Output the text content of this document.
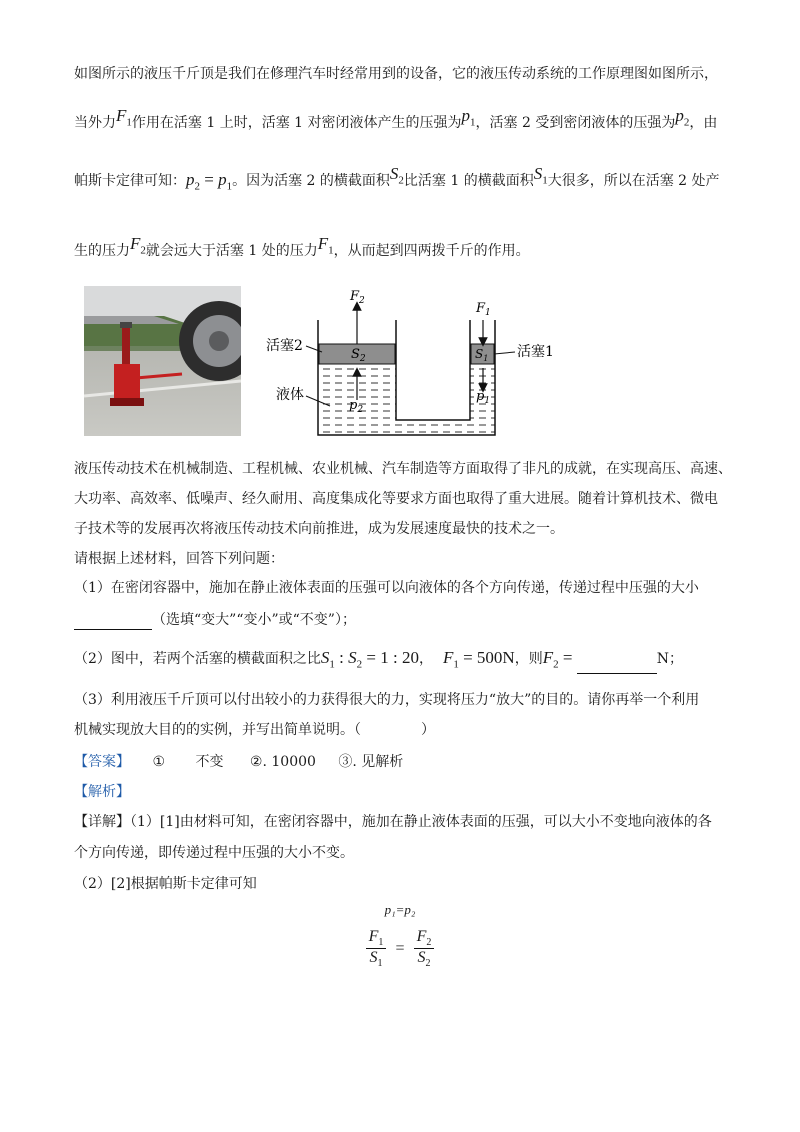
如图所示的液压千斤顶是我们在修理汽车时经常用到的设备，它的液压传动系统的工作原理图如图所示，
当外力$F_1$作用在活塞 1 上时，活塞 1 对密闭液体产生的压强为$p_1$，活塞 2 受到密闭液体的压强为$p_2$，由
帕斯卡定律可知：$p_2 = p_1$。因为活塞 2 的横截面积$S_2$比活塞 1 的横截面积$S_1$大很多，所以在活塞 2 处产
生的压力$F_2$就会远大于活塞 1 处的压力$F_1$，从而起到四两拨千斤的作用。
$F_2$
$S_2$
$p_2$
$F_1$
$S_1$
$p_1$
活塞2	活塞1
液体
液压传动技术在机械制造、工程机械、农业机械、汽车制造等方面取得了非凡的成就，在实现高压、高速、
大功率、高效率、低噪声、经久耐用、高度集成化等要求方面也取得了重大进展。随着计算机技术、微电
子技术等的发展再次将液压传动技术向前推进，成为发展速度最快的技术之一。
请根据上述材料，回答下列问题：
（1）在密闭容器中，施加在静止液体表面的压强可以向液体的各个方向传递，传递过程中压强的大小
（选填“变大”“变小”或“不变”）；
（2）图中，若两个活塞的横截面积之比$S_1$ : $S_2 = 1$ : 20， $F_1 = 500N$，则$F_2$ =	N；
（3）利用液压千斤顶可以付出较小的力获得很大的力，实现将压力“放大”的目的。请你再举一个利用
机械实现放大目的的实例，并写出简单说明。（	）
【答案】 ① 不变 ②. 10000 ③. 见解析
【解析】
【详解】（1）[1]由材料可知，在密闭容器中，施加在静止液体表面的压强，可以大小不变地向液体的各
个方向传递，即传递过程中压强的大小不变。
（2）[2]根据帕斯卡定律可知
p₁=p₂
$\frac{F_1}{S_1} = \frac{F_2}{S_2}$
